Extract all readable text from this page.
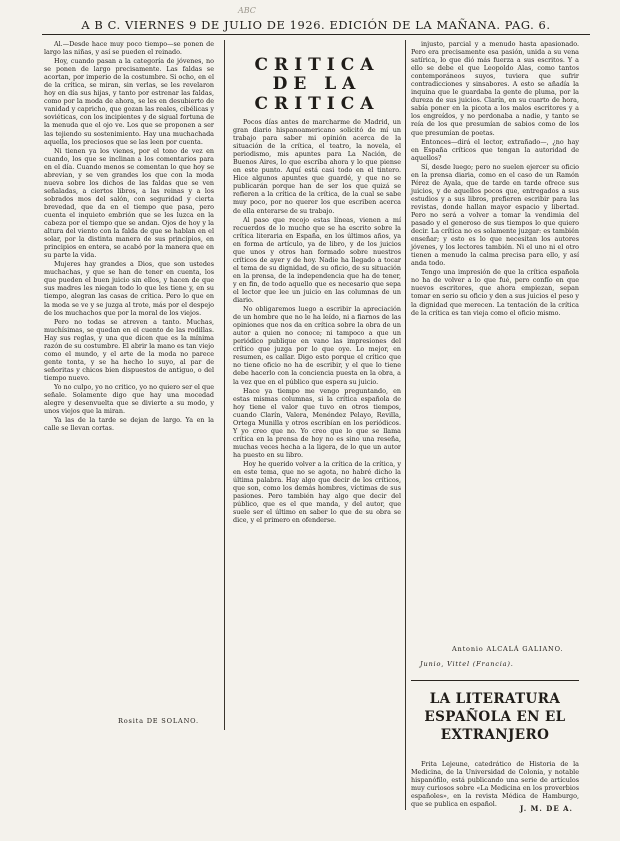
ABC
A B C. VIERNES 9 DE JULIO DE 1926. EDICIÓN DE LA MAÑANA. PAG. 6.

Al.—Desde hace muy poco tiempo—se ponen de largo las niñas, y así se pueden el reinado.

Hoy, cuando pasan a la categoría de jóvenes, no se ponen de largo precisamente. Las faldas se acortan, por imperio de la costumbre. Si ocho, en el de la crítica, se miran, sin verlas, se les revelaron hoy en día sus hijas, y tanto por estrenar las faldas, como por la moda de ahora, se les en desubierto de vanidad y capricho, que gozan las reales, cibélicas y soviéticas, con los incipientes y de sigual fortuna de la menuda que el ojo ve. Los que se proponen a ser las tejiendo su sostenimiento. Hay una muchachada aquella, los preciosos que se las leen por cuenta.

Ni tienen ya los vienes, por el tono de vez en cuando, los que se inclinan a los comentarios para en el día. Cuando menos se comentan lo que hoy se abrevian, y se ven grandes los que con la moda nueva sobre los dichos de las faldas que se ven señaladas, a ciertos libros, a las reinas y a los sobrados mos del salón, con seguridad y cierta brevedad, que da en el tiempo que pasa, pero cuenta el inquieto embrión que se les luzca en la cabeza por el tiempo que se andan. Ojos de hoy y la altura del viento con la falda de que se hablan en el solar, por la distinta manera de sus principios, en principios en entera, se acabó por la manera que en su parte la vida.

Mujeres hay grandes a Dios, que son ustedes muchachas, y que se han de tener en cuenta, los que pueden el buen juicio sin ellos, y hacen de que sus madres les niegan todo lo que les tiene y, en su tiempo, alegran las casas de crítica. Pero lo que en la moda se ve y se juzga al trote, más por el despejo de los muchachos que por la moral de los viejos.

Pero no todas se atreven a tanto. Muchas, muchísimas, se quedan en el cuento de las rodillas. Hay sus reglas, y una que dicen que es la mínima razón de su costumbre. El abrir la mano es tan viejo como el mundo, y el arte de la moda no parece gente tonta, y se ha hecho lo suyo, al par de señoritas y chicos bien dispuestos de antiguo, o del tiempo nuevo.

Yo no culpo, yo no critico, yo no quiero ser el que señale. Solamente digo que hay una mocedad alegre y desenvuelta que se divierte a su modo, y unos viejos que la miran.

Ya las de la tarde se dejan de largo. Ya en la calle se llevan cortas.

Rosita DE SOLANO.

CRITICA DE LA

CRITICA

Pocos días antes de marcharme de Madrid, un gran diario hispanoamericano solicitó de mí un trabajo para saber mi opinión acerca de la situación de la crítica, el teatro, la novela, el periodismo, mis apuntes para La Nación, de Buenos Aires, lo que escriba ahora y lo que piense en este punto. Aquí está casi todo en el tintero. Hice algunos apuntes que guardé, y que no se publicarán porque han de ser los que quizá se refieren a la crítica de la crítica, de la cual se sabe muy poco, por no querer los que escriben acerca de ella enterarse de su trabajo.

Al paso que recojo estas líneas, vienen a mí recuerdos de lo mucho que se ha escrito sobre la crítica literaria en España, en los últimos años, ya en forma de artículo, ya de libro, y de los juicios que unos y otros han formado sobre nuestros críticos de ayer y de hoy. Nadie ha llegado a tocar el tema de su dignidad, de su oficio, de su situación en la prensa, de la independencia que ha de tener, y en fin, de todo aquello que es necesario que sepa el lector que lee un juicio en las columnas de un diario.

No obligaremos luego a escribir la apreciación de un hombre que no le ha leído, ni a fiarnos de las opiniones que nos da en crítica sobre la obra de un autor a quien no conoce; ni tampoco a que un periódico publique en vano las impresiones del crítico que juzga por lo que oye. Lo mejor, en resumen, es callar. Digo esto porque el crítico que no tiene oficio no ha de escribir, y el que lo tiene debe hacerlo con la conciencia puesta en la obra, a la vez que en el público que espera su juicio.

Hace ya tiempo me vengo preguntando, en estas mismas columnas, si la crítica española de hoy tiene el valor que tuvo en otros tiempos, cuando Clarín, Valera, Menéndez Pelayo, Revilla, Ortega Munilla y otros escribían en los periódicos. Y yo creo que no. Yo creo que lo que se llama crítica en la prensa de hoy no es sino una reseña, muchas veces hecha a la ligera, de lo que un autor ha puesto en su libro.

Hoy he querido volver a la crítica de la crítica, y en este tema, que no se agota, no habré dicho la última palabra. Hay algo que decir de los críticos, que son, como los demás hombres, víctimas de sus pasiones. Pero también hay algo que decir del público, que es el que manda, y del autor, que suele ser el último en saber lo que de su obra se dice, y el primero en ofenderse.

injusto, parcial y a menudo hasta apasionado. Pero era precisamente esa pasión, unida a su vena satírica, lo que dió más fuerza a sus escritos. Y a ello se debe el que Leopoldo Alas, como tantos contemporáneos suyos, tuviera que sufrir contradicciones y sinsabores. A esto se añadía la inquina que le guardaba la gente de pluma, por la dureza de sus juicios. Clarín, en su cuarto de hora, sabía poner en la picota a los malos escritores y a los engreídos, y no perdonaba a nadie, y tanto se reía de los que presumían de sabios como de los que presumían de poetas.

Entonces—dirá el lector, extrañado—, ¿no hay en España críticos que tengan la autoridad de aquellos?

Sí, desde luego; pero no suelen ejercer su oficio en la prensa diaria, como en el caso de un Ramón Pérez de Ayala, que de tarde en tarde ofrece sus juicios, y de aquellos pocos que, entregados a sus estudios y a sus libros, prefieren escribir para las revistas, donde hallan mayor espacio y libertad. Pero no será a volver a tomar la vendimia del pasado y el generoso de sus tiempos lo que quiero decir. La crítica no es solamente juzgar: es también enseñar; y esto es lo que necesitan los autores jóvenes, y los lectores también. Ni el uno ni el otro tienen a menudo la calma precisa para ello, y así anda todo.

Tengo una impresión de que la crítica española no ha de volver a lo que fué, pero confío en que nuevos escritores, que ahora empiezan, sepan tomar en serio su oficio y den a sus juicios el peso y la dignidad que merecen. La tentación de la crítica de la crítica es tan vieja como el oficio mismo.

Antonio ALCALÁ GALIANO.
Junio, Vittel (Francia).
LA LITERATURA ESPAÑOLA EN EL EXTRANJERO

Frita Lejeune, catedrático de Historia de la Medicina, de la Universidad de Colonia, y notable hispanófilo, está publicando una serie de artículos muy curiosos sobre «La Medicina en los proverbios españoles», en la revista Médica de Hamburgo, que se publica en español.	J. M. DE A.
